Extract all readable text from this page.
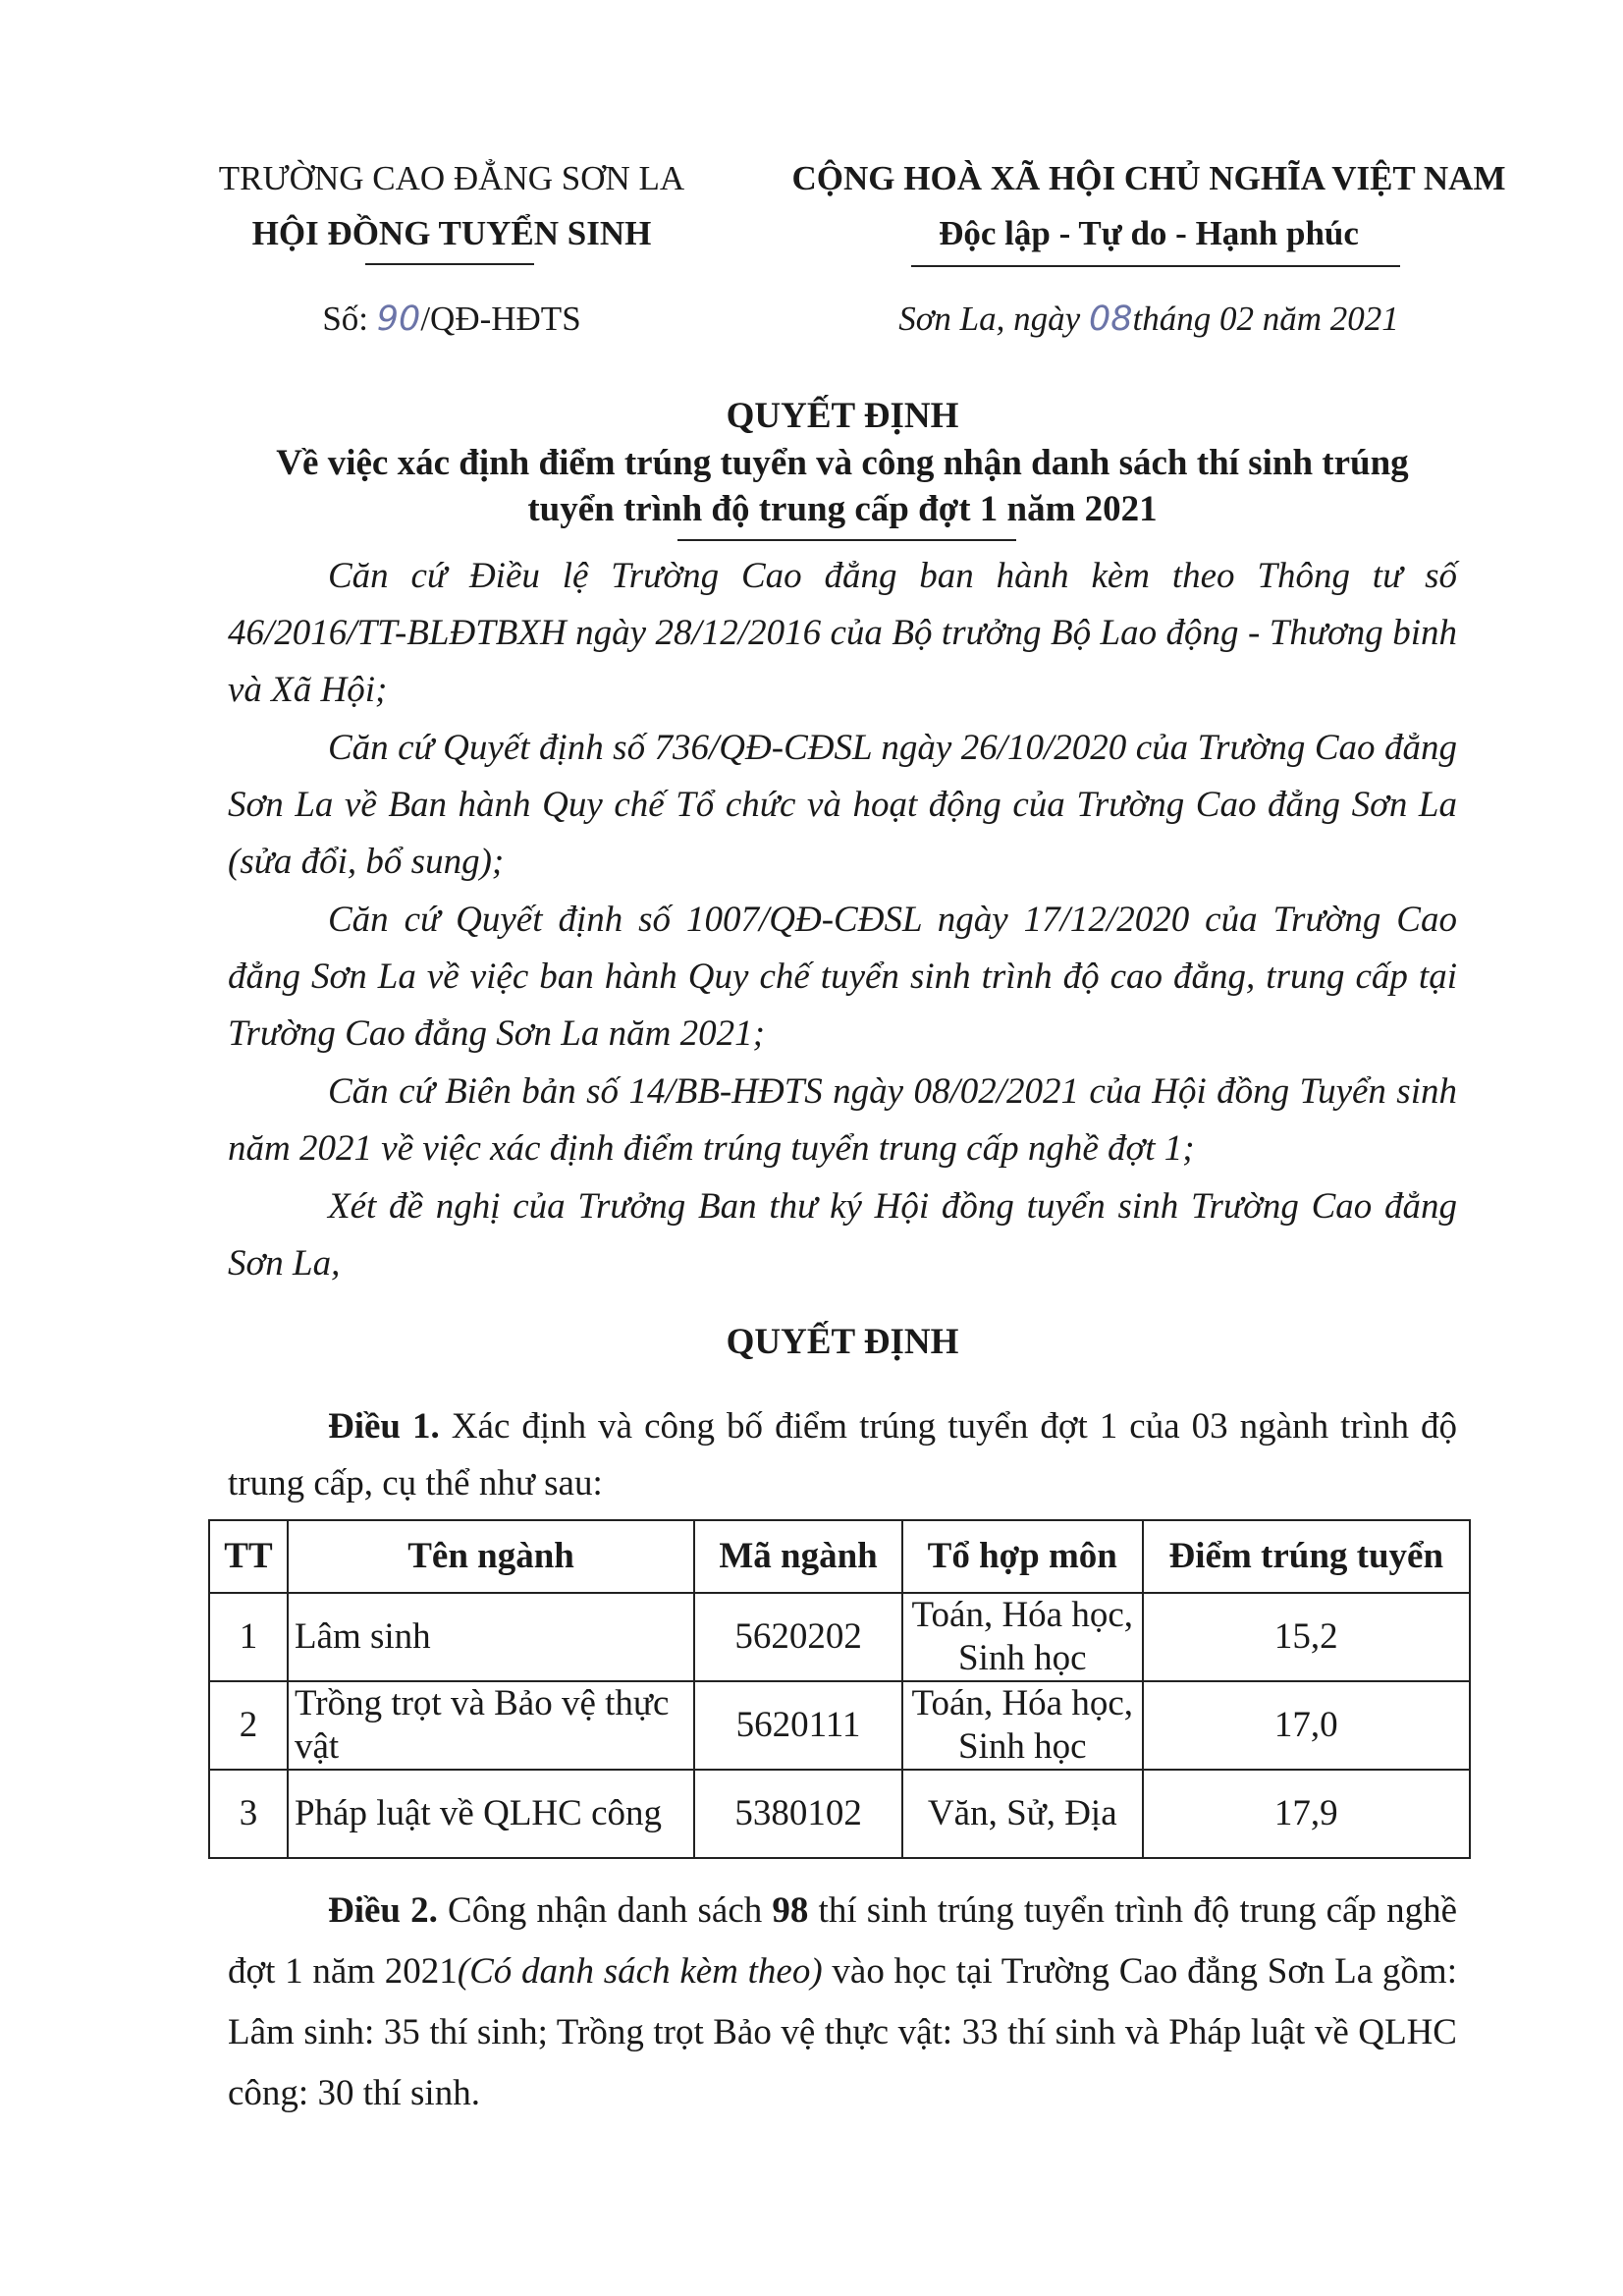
TRƯỜNG CAO ĐẲNG SƠN LA
HỘI ĐỒNG TUYỂN SINH
CỘNG HOÀ XÃ HỘI CHỦ NGHĨA VIỆT NAM
Độc lập - Tự do - Hạnh phúc
Số: 90/QĐ-HĐTS	Sơn La, ngày 08tháng 02 năm 2021
QUYẾT ĐỊNH
Về việc xác định điểm trúng tuyển và công nhận danh sách thí sinh trúng
tuyển trình độ trung cấp đợt 1 năm 2021
Căn cứ Điều lệ Trường Cao đẳng ban hành kèm theo Thông tư số 46/2016/TT-BLĐTBXH ngày 28/12/2016 của Bộ trưởng Bộ Lao động - Thương binh và Xã Hội;
Căn cứ Quyết định số 736/QĐ-CĐSL ngày 26/10/2020 của Trường Cao đẳng Sơn La về Ban hành Quy chế Tổ chức và hoạt động của Trường Cao đẳng Sơn La (sửa đổi, bổ sung);
Căn cứ Quyết định số 1007/QĐ-CĐSL ngày 17/12/2020 của Trường Cao đẳng Sơn La về việc ban hành Quy chế tuyển sinh trình độ cao đẳng, trung cấp tại Trường Cao đẳng Sơn La năm 2021;
Căn cứ Biên bản số 14/BB-HĐTS ngày 08/02/2021 của Hội đồng Tuyển sinh năm 2021 về việc xác định điểm trúng tuyển trung cấp nghề đợt 1;
Xét đề nghị của Trưởng Ban thư ký Hội đồng tuyển sinh Trường Cao đẳng Sơn La,
QUYẾT ĐỊNH
Điều 1. Xác định và công bố điểm trúng tuyển đợt 1 của 03 ngành trình độ trung cấp, cụ thể như sau:
TT	Tên ngành	Mã ngành	Tổ hợp môn	Điểm trúng tuyển
1	Lâm sinh	5620202	Toán, Hóa học, Sinh học	15,2
2	Trồng trọt và Bảo vệ thực vật	5620111	Toán, Hóa học, Sinh học	17,0
3	Pháp luật về QLHC công	5380102	Văn, Sử, Địa	17,9
Điều 2. Công nhận danh sách 98 thí sinh trúng tuyển trình độ trung cấp nghề đợt 1 năm 2021(Có danh sách kèm theo) vào học tại Trường Cao đẳng Sơn La gồm: Lâm sinh: 35 thí sinh; Trồng trọt Bảo vệ thực vật: 33 thí sinh và Pháp luật về QLHC công: 30 thí sinh.
